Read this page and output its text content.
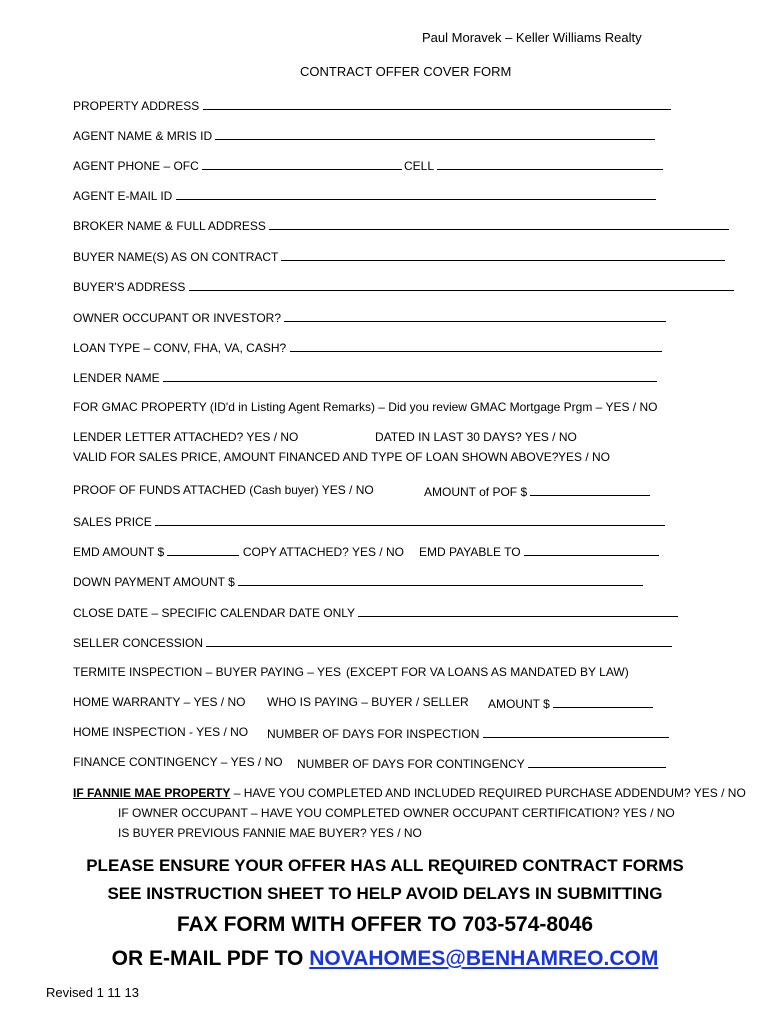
Paul Moravek – Keller Williams Realty
CONTRACT OFFER COVER FORM
PROPERTY ADDRESS
AGENT NAME & MRIS ID
AGENT PHONE – OFC	CELL
AGENT E-MAIL ID
BROKER NAME & FULL ADDRESS
BUYER NAME(S) AS ON CONTRACT
BUYER'S ADDRESS
OWNER OCCUPANT OR INVESTOR?
LOAN TYPE – CONV, FHA, VA, CASH?
LENDER NAME
FOR GMAC PROPERTY (ID'd in Listing Agent Remarks) – Did you review GMAC Mortgage Prgm – YES / NO
LENDER LETTER ATTACHED? YES / NO	DATED IN LAST 30 DAYS? YES / NO
VALID FOR SALES PRICE, AMOUNT FINANCED AND TYPE OF LOAN SHOWN ABOVE? YES / NO
PROOF OF FUNDS ATTACHED (Cash buyer) YES / NO	AMOUNT of POF $
SALES PRICE
EMD AMOUNT $	COPY ATTACHED? YES / NO EMD PAYABLE TO
DOWN PAYMENT AMOUNT $
CLOSE DATE – SPECIFIC CALENDAR DATE ONLY
SELLER CONCESSION
TERMITE INSPECTION – BUYER PAYING – YES (EXCEPT FOR VA LOANS AS MANDATED BY LAW)
HOME WARRANTY – YES / NO WHO IS PAYING – BUYER / SELLER AMOUNT $
HOME INSPECTION - YES / NO NUMBER OF DAYS FOR INSPECTION
FINANCE CONTINGENCY – YES / NO NUMBER OF DAYS FOR CONTINGENCY
IF FANNIE MAE PROPERTY – HAVE YOU COMPLETED AND INCLUDED REQUIRED PURCHASE ADDENDUM? YES / NO
IF OWNER OCCUPANT – HAVE YOU COMPLETED OWNER OCCUPANT CERTIFICATION? YES / NO
IS BUYER PREVIOUS FANNIE MAE BUYER? YES / NO
PLEASE ENSURE YOUR OFFER HAS ALL REQUIRED CONTRACT FORMS
SEE INSTRUCTION SHEET TO HELP AVOID DELAYS IN SUBMITTING
FAX FORM WITH OFFER TO 703-574-8046
OR E-MAIL PDF TO NOVAHOMES@BENHAMREO.COM
Revised 1 11 13
